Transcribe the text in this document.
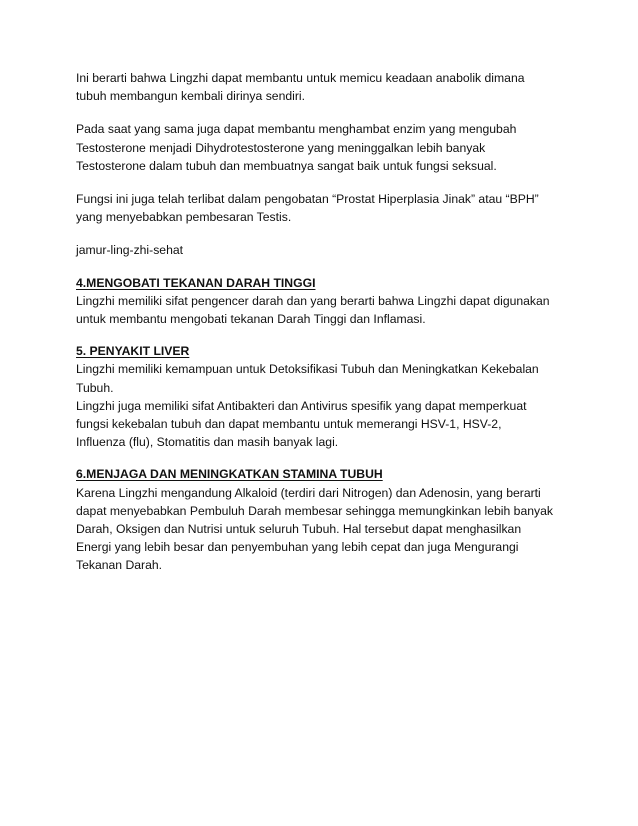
Ini berarti bahwa Lingzhi dapat membantu untuk memicu keadaan anabolik dimana
tubuh membangun kembali dirinya sendiri.

Pada saat yang sama juga dapat membantu menghambat enzim yang mengubah
Testosterone menjadi Dihydrotestosterone yang meninggalkan lebih banyak
Testosterone dalam tubuh dan membuatnya sangat baik untuk fungsi seksual.

Fungsi ini juga telah terlibat dalam pengobatan “Prostat Hiperplasia Jinak” atau “BPH”
yang menyebabkan pembesaran Testis.

jamur-ling-zhi-sehat

4.MENGOBATI TEKANAN DARAH TINGGI
Lingzhi memiliki sifat pengencer darah dan yang berarti bahwa Lingzhi dapat digunakan
untuk membantu mengobati tekanan Darah Tinggi dan Inflamasi.
5. PENYAKIT LIVER
Lingzhi memiliki kemampuan untuk Detoksifikasi Tubuh dan Meningkatkan Kekebalan
Tubuh.
Lingzhi juga memiliki sifat Antibakteri dan Antivirus spesifik yang dapat memperkuat
fungsi kekebalan tubuh dan dapat membantu untuk memerangi HSV-1, HSV-2,
Influenza (flu), Stomatitis dan masih banyak lagi.
6.MENJAGA DAN MENINGKATKAN STAMINA TUBUH
Karena Lingzhi mengandung Alkaloid (terdiri dari Nitrogen) dan Adenosin, yang berarti
dapat menyebabkan Pembuluh Darah membesar sehingga memungkinkan lebih banyak
Darah, Oksigen dan Nutrisi untuk seluruh Tubuh. Hal tersebut dapat menghasilkan
Energi yang lebih besar dan penyembuhan yang lebih cepat dan juga Mengurangi
Tekanan Darah.
